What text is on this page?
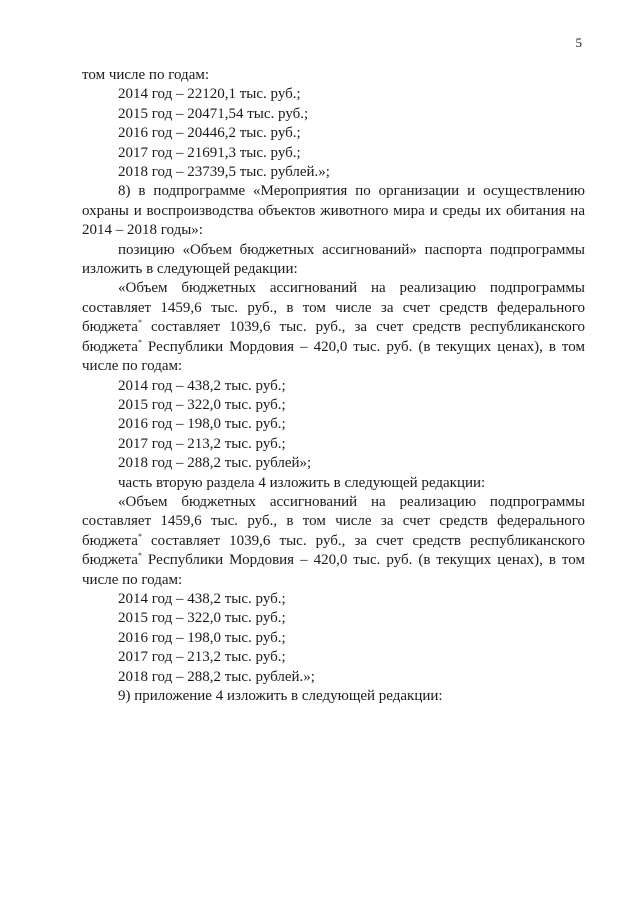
5

том числе по годам:

2014 год – 22120,1 тыс. руб.;

2015 год – 20471,54 тыс. руб.;

2016 год – 20446,2 тыс. руб.;

2017 год – 21691,3 тыс. руб.;

2018 год – 23739,5 тыс. рублей.»;

8) в подпрограмме «Мероприятия по организации и осуществлению охраны и воспроизводства объектов животного мира и среды их обитания на 2014 – 2018 годы»:

позицию «Объем бюджетных ассигнований» паспорта подпрограммы изложить в следующей редакции:

«Объем бюджетных ассигнований на реализацию подпрограммы составляет 1459,6 тыс. руб., в том числе за счет средств федерального бюджета* составляет 1039,6 тыс. руб., за счет средств республиканского бюджета* Республики Мордовия – 420,0 тыс. руб. (в текущих ценах), в том числе по годам:

2014 год – 438,2 тыс. руб.;

2015 год – 322,0 тыс. руб.;

2016 год – 198,0 тыс. руб.;

2017 год – 213,2 тыс. руб.;

2018 год – 288,2 тыс. рублей»;

часть вторую раздела 4 изложить в следующей редакции:

«Объем бюджетных ассигнований на реализацию подпрограммы составляет 1459,6 тыс. руб., в том числе за счет средств федерального бюджета* составляет 1039,6 тыс. руб., за счет средств республиканского бюджета* Республики Мордовия – 420,0 тыс. руб. (в текущих ценах), в том числе по годам:

2014 год – 438,2 тыс. руб.;

2015 год – 322,0 тыс. руб.;

2016 год – 198,0 тыс. руб.;

2017 год – 213,2 тыс. руб.;

2018 год – 288,2 тыс. рублей.»;

9) приложение 4 изложить в следующей редакции:
